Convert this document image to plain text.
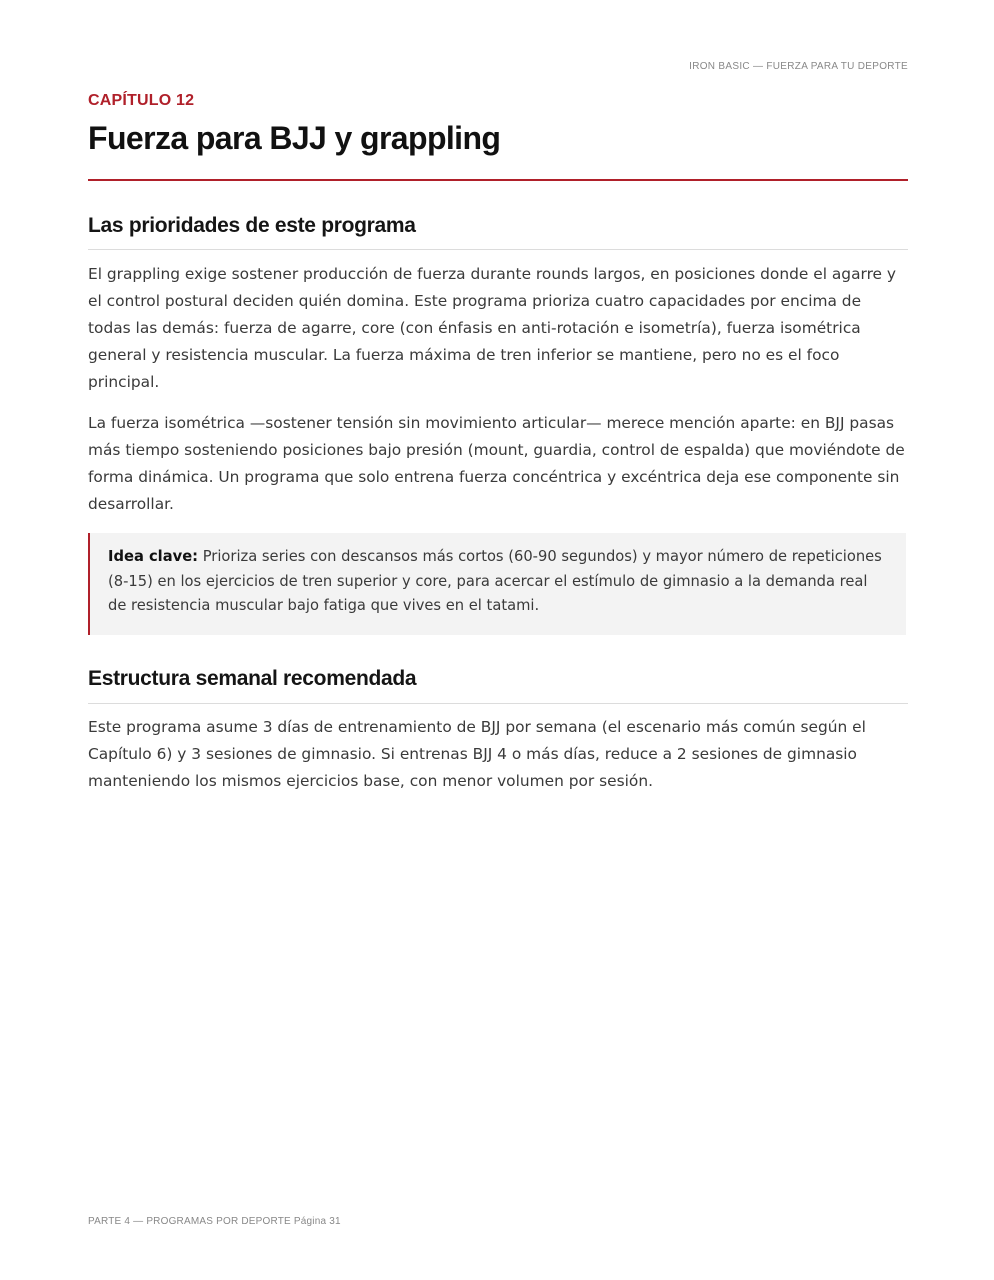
IRON BASIC — FUERZA PARA TU DEPORTE
CAPÍTULO 12
Fuerza para BJJ y grappling
Las prioridades de este programa

El grappling exige sostener producción de fuerza durante rounds largos, en posiciones donde el agarre y el control postural deciden quién domina. Este programa prioriza cuatro capacidades por encima de todas las demás: fuerza de agarre, core (con énfasis en anti-rotación e isometría), fuerza isométrica general y resistencia muscular. La fuerza máxima de tren inferior se mantiene, pero no es el foco principal.

La fuerza isométrica —sostener tensión sin movimiento articular— merece mención aparte: en BJJ pasas más tiempo sosteniendo posiciones bajo presión (mount, guardia, control de espalda) que moviéndote de forma dinámica. Un programa que solo entrena fuerza concéntrica y excéntrica deja ese componente sin desarrollar.

Idea clave: Prioriza series con descansos más cortos (60-90 segundos) y mayor número de repeticiones (8-15) en los ejercicios de tren superior y core, para acercar el estímulo de gimnasio a la demanda real de resistencia muscular bajo fatiga que vives en el tatami.

Estructura semanal recomendada

Este programa asume 3 días de entrenamiento de BJJ por semana (el escenario más común según el Capítulo 6) y 3 sesiones de gimnasio. Si entrenas BJJ 4 o más días, reduce a 2 sesiones de gimnasio manteniendo los mismos ejercicios base, con menor volumen por sesión.

PARTE 4 — PROGRAMAS POR DEPORTE Página 31
